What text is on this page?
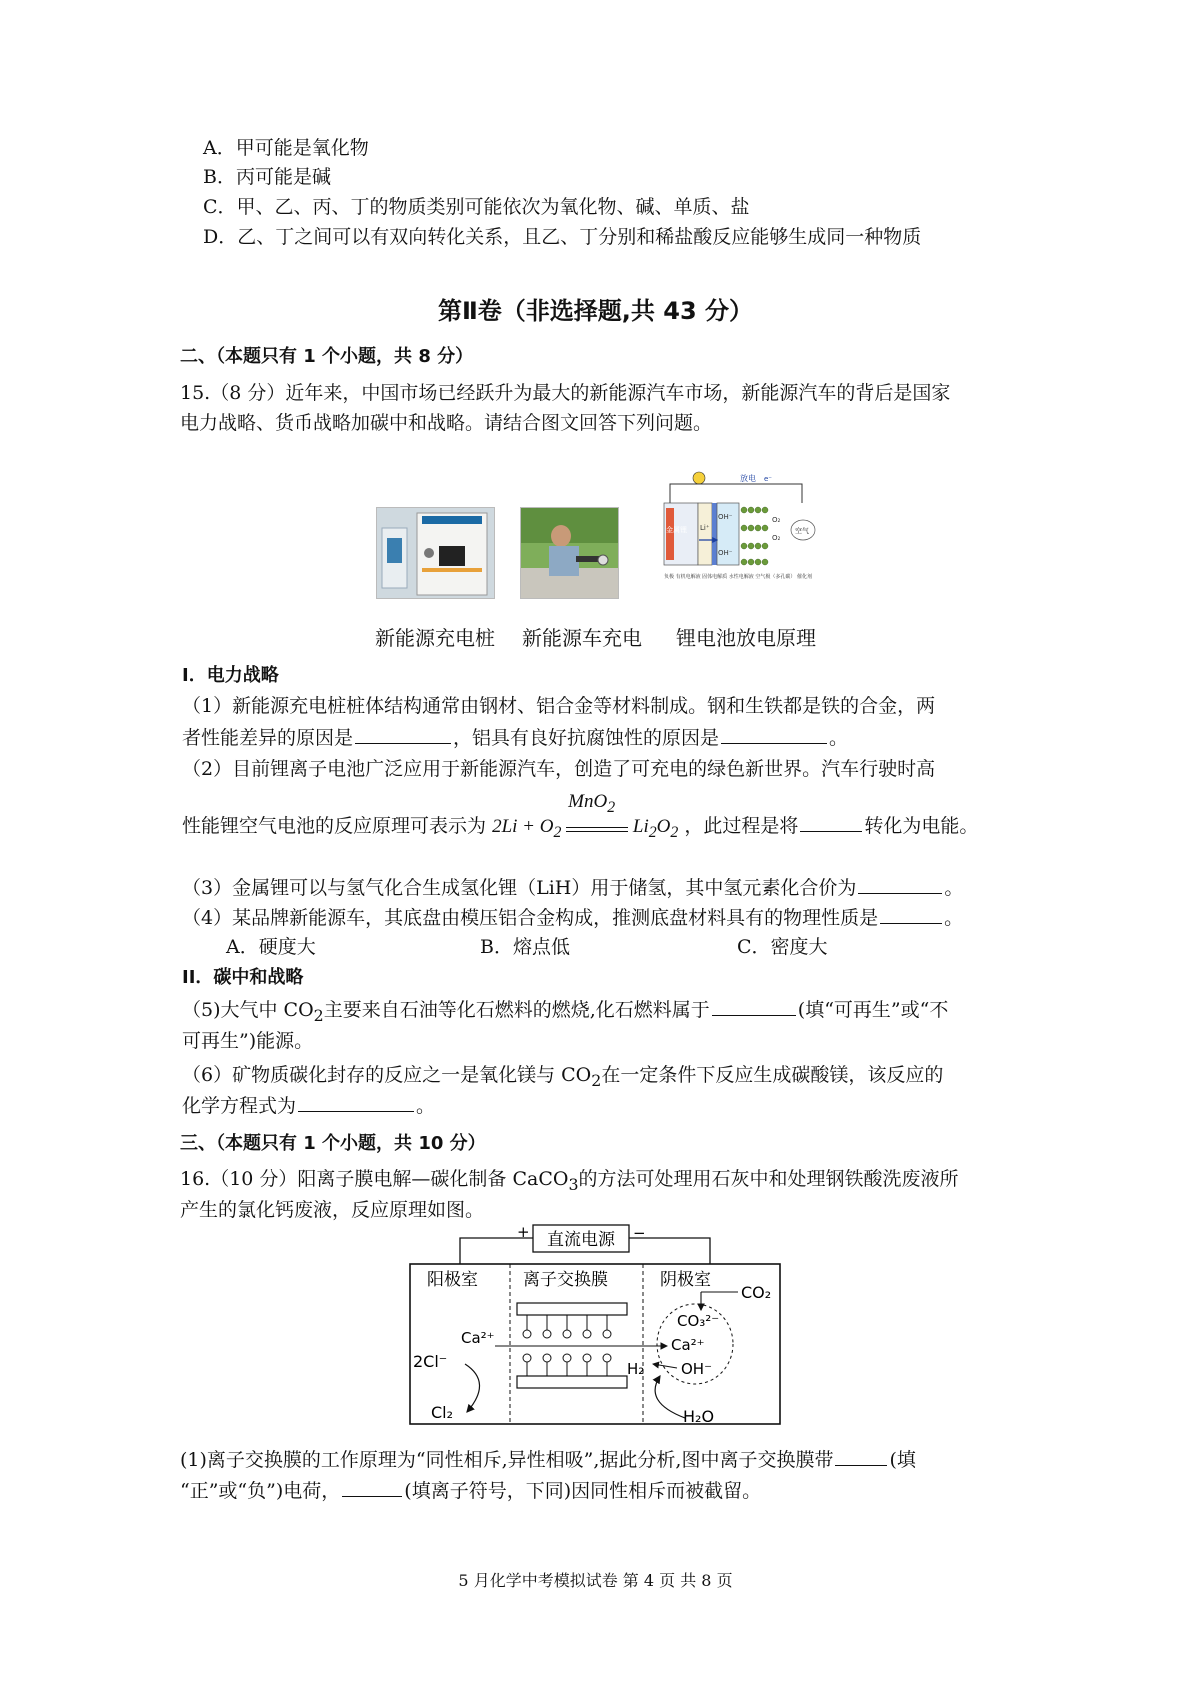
A．甲可能是氧化物
B．丙可能是碱
C．甲、乙、丙、丁的物质类别可能依次为氧化物、碱、单质、盐
D．乙、丁之间可以有双向转化关系，且乙、丁分别和稀盐酸反应能够生成同一种物质
第Ⅱ卷（非选择题,共 43 分）
二、（本题只有 1 个小题，共 8 分）
15.（8 分）近年来，中国市场已经跃升为最大的新能源汽车市场，新能源汽车的背后是国家
电力战略、货币战略加碳中和战略。请结合图文回答下列问题。
放电 e⁻
金属锂 Li⁺
OH⁻
OH⁻
O₂
O₂
空气
负极 有机电解液 固体电解质 水性电解液 空气极（多孔碳） 催化剂
新能源充电桩 新能源车充电 锂电池放电原理
I．电力战略
（1）新能源充电桩桩体结构通常由钢材、铝合金等材料制成。钢和生铁都是铁的合金，两
者性能差异的原因是	，铝具有良好抗腐蚀性的原因是	。
（2）目前锂离子电池广泛应用于新能源汽车，创造了可充电的绿色新世界。汽车行驶时高
性能锂空气电池的反应原理可表示为 $2Li + O_2$
MnO$_2$
$Li_2O_2$ ，此过程是将	转化为电能。
（3）金属锂可以与氢气化合生成氢化锂（LiH）用于储氢，其中氢元素化合价为	。
（4）某品牌新能源车，其底盘由模压铝合金构成，推测底盘材料具有的物理性质是	。
A．硬度大	B．熔点低	C．密度大
II．碳中和战略
（5)大气中 $CO_2$主要来自石油等化石燃料的燃烧,化石燃料属于	(填“可再生”或“不
可再生”)能源。
（6）矿物质碳化封存的反应之一是氧化镁与 $CO_2$在一定条件下反应生成碳酸镁，该反应的
化学方程式为	。
三、（本题只有 1 个小题，共 10 分）
16.（10 分）阳离子膜电解—碳化制备 CaCO$_3$的方法可处理用石灰中和处理钢铁酸洗废液所
产生的氯化钙废液，反应原理如图。
直流电源
+	−
阳极室	离子交换膜	阴极室
Ca²⁺
2Cl⁻
Cl₂
CO₂
CO₃²⁻
Ca²⁺
H₂ OH⁻
H₂O
(1)离子交换膜的工作原理为“同性相斥,异性相吸”,据此分析,图中离子交换膜带	(填
“正”或“负”)电荷，	(填离子符号，下同)因同性相斥而被截留。
5 月化学中考模拟试卷 第 4 页 共 8 页
